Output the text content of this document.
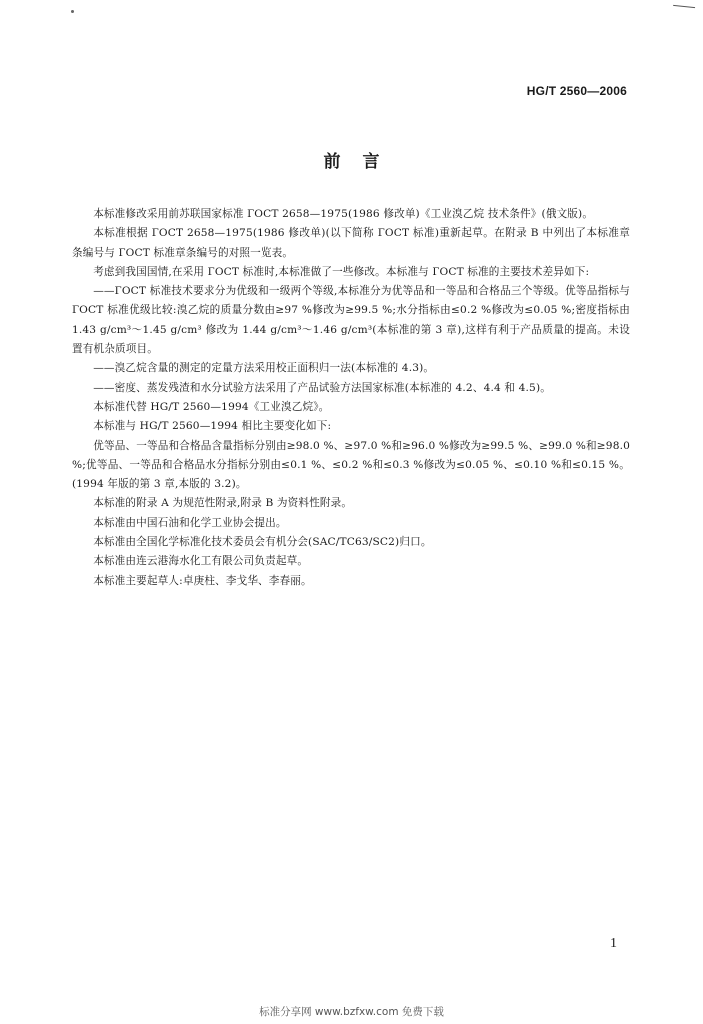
HG/T 2560—2006
前言

本标准修改采用前苏联国家标准 ГОСТ 2658—1975(1986 修改单)《工业溴乙烷 技术条件》(俄文版)。

本标准根据 ГОСТ 2658—1975(1986 修改单)(以下简称 ГОСТ 标准)重新起草。在附录 B 中列出了本标准章条编号与 ГОСТ 标准章条编号的对照一览表。

考虑到我国国情,在采用 ГОСТ 标准时,本标准做了一些修改。本标准与 ГОСТ 标准的主要技术差异如下:

——ГОСТ 标准技术要求分为优级和一级两个等级,本标准分为优等品和一等品和合格品三个等级。优等品指标与 ГОСТ 标准优级比较:溴乙烷的质量分数由≥97 %修改为≥99.5 %;水分指标由≤0.2 %修改为≤0.05 %;密度指标由 1.43 g/cm³～1.45 g/cm³ 修改为 1.44 g/cm³～1.46 g/cm³(本标准的第 3 章),这样有利于产品质量的提高。未设置有机杂质项目。

——溴乙烷含量的测定的定量方法采用校正面积归一法(本标准的 4.3)。

——密度、蒸发残渣和水分试验方法采用了产品试验方法国家标准(本标准的 4.2、4.4 和 4.5)。

本标准代替 HG/T 2560—1994《工业溴乙烷》。

本标准与 HG/T 2560—1994 相比主要变化如下:

优等品、一等品和合格品含量指标分别由≥98.0 %、≥97.0 %和≥96.0 %修改为≥99.5 %、≥99.0 %和≥98.0 %;优等品、一等品和合格品水分指标分别由≤0.1 %、≤0.2 %和≤0.3 %修改为≤0.05 %、≤0.10 %和≤0.15 %。(1994 年版的第 3 章,本版的 3.2)。

本标准的附录 A 为规范性附录,附录 B 为资料性附录。

本标准由中国石油和化学工业协会提出。

本标准由全国化学标准化技术委员会有机分会(SAC/TC63/SC2)归口。

本标准由连云港海水化工有限公司负责起草。

本标准主要起草人:卓庚柱、李戈华、李春丽。

1
标准分享网 www.bzfxw.com 免费下载
